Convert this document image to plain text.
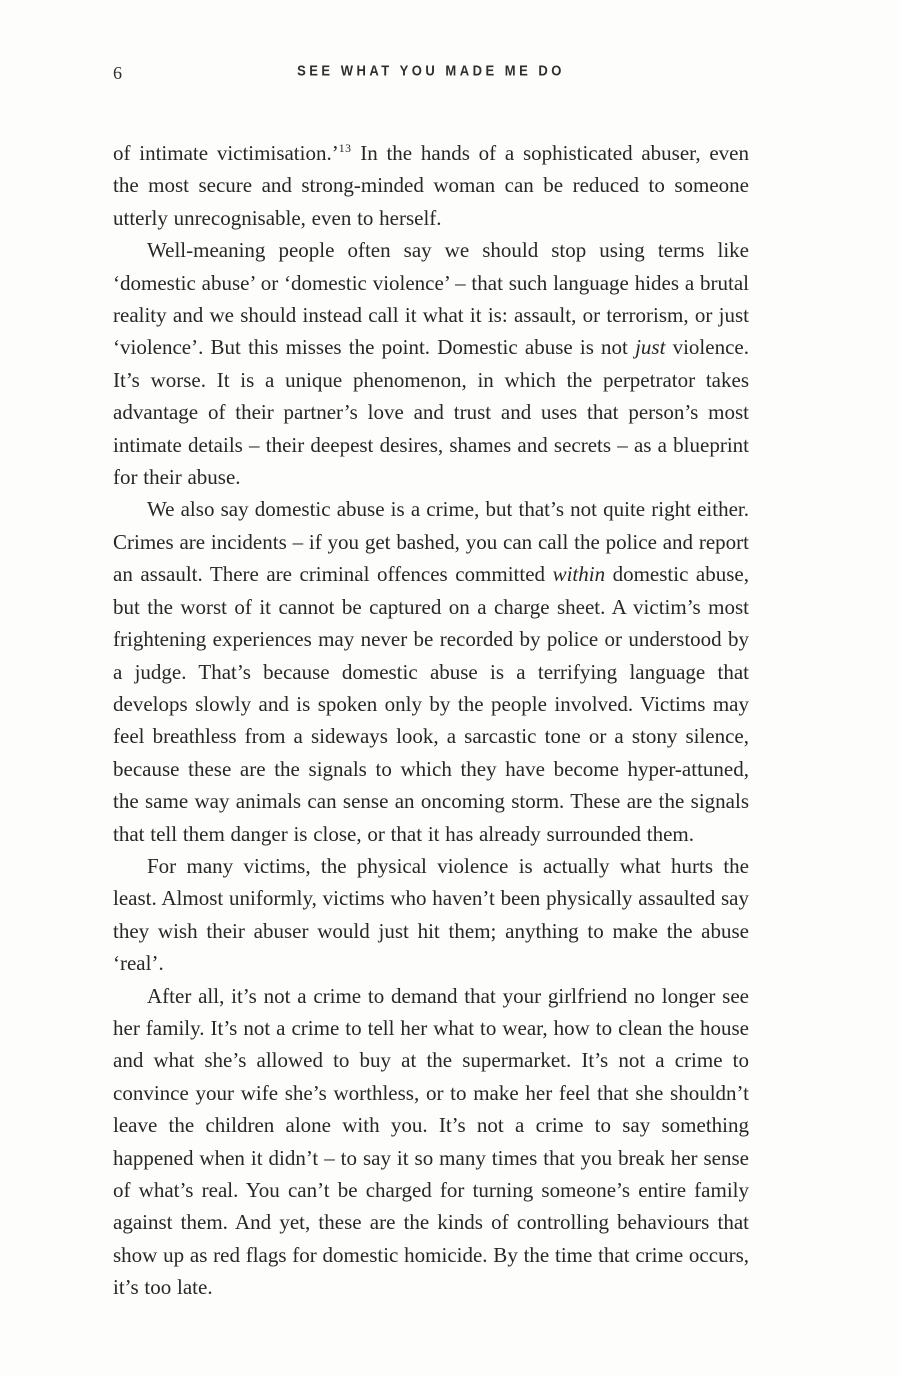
6	SEE WHAT YOU MADE ME DO

of intimate victimisation.’$^{13}$ In the hands of a sophisticated abuser, even the most secure and strong-minded woman can be reduced to someone utterly unrecognisable, even to herself.

Well-meaning people often say we should stop using terms like ‘domestic abuse’ or ‘domestic violence’ – that such language hides a brutal reality and we should instead call it what it is: assault, or terrorism, or just ‘violence’. But this misses the point. Domestic abuse is not just violence. It’s worse. It is a unique phenomenon, in which the perpetrator takes advantage of their partner’s love and trust and uses that person’s most intimate details – their deepest desires, shames and secrets – as a blueprint for their abuse.

We also say domestic abuse is a crime, but that’s not quite right either. Crimes are incidents – if you get bashed, you can call the police and report an assault. There are criminal offences committed within domestic abuse, but the worst of it cannot be captured on a charge sheet. A victim’s most frightening experiences may never be recorded by police or understood by a judge. That’s because domestic abuse is a terrifying language that develops slowly and is spoken only by the people involved. Victims may feel breathless from a sideways look, a sarcastic tone or a stony silence, because these are the signals to which they have become hyper-attuned, the same way animals can sense an oncoming storm. These are the signals that tell them danger is close, or that it has already surrounded them.

For many victims, the physical violence is actually what hurts the least. Almost uniformly, victims who haven’t been physically assaulted say they wish their abuser would just hit them; anything to make the abuse ‘real’.

After all, it’s not a crime to demand that your girlfriend no longer see her family. It’s not a crime to tell her what to wear, how to clean the house and what she’s allowed to buy at the supermarket. It’s not a crime to convince your wife she’s worthless, or to make her feel that she shouldn’t leave the children alone with you. It’s not a crime to say something happened when it didn’t – to say it so many times that you break her sense of what’s real. You can’t be charged for turning someone’s entire family against them. And yet, these are the kinds of controlling behaviours that show up as red flags for domestic homicide. By the time that crime occurs, it’s too late.
